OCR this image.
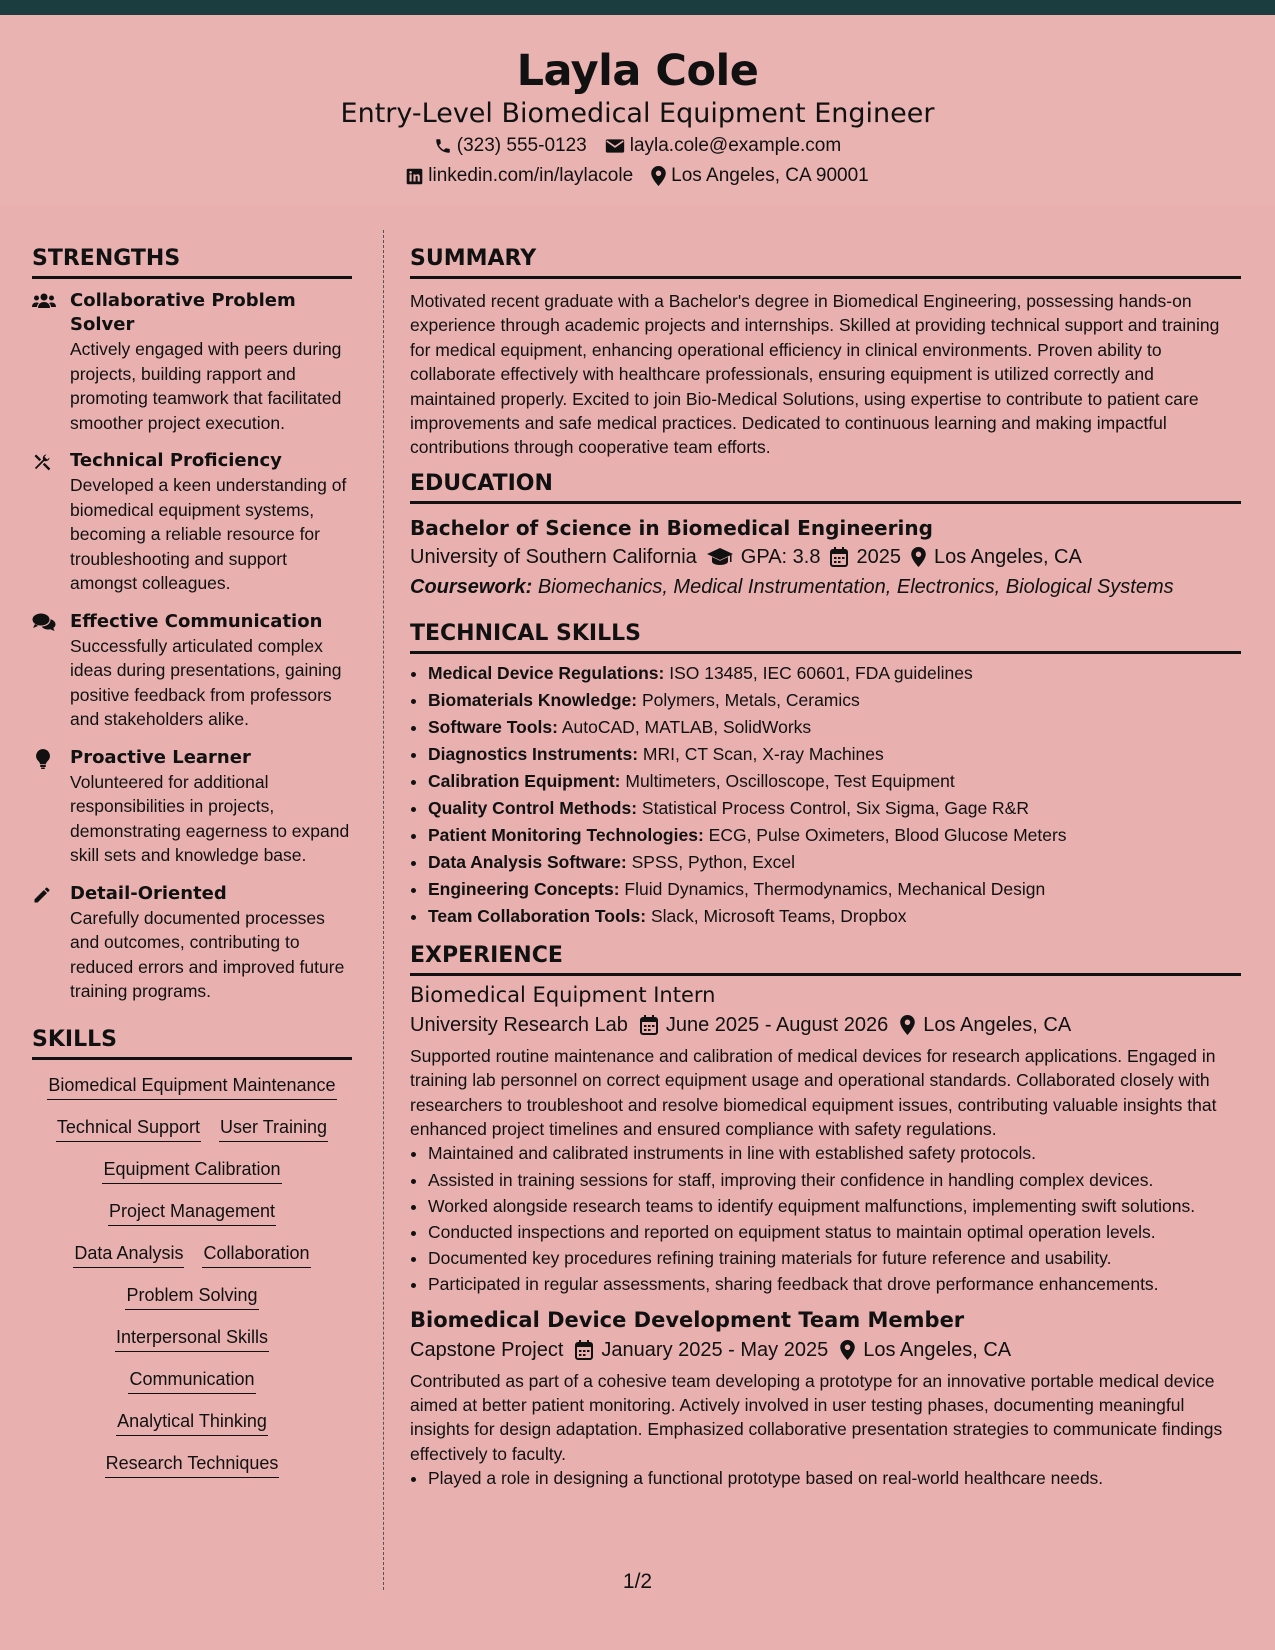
Layla Cole
Entry-Level Biomedical Equipment Engineer
(323) 555-0123 layla.cole@example.com
linkedin.com/in/laylacole Los Angeles, CA 90001
STRENGTHS
Collaborative Problem Solver
Actively engaged with peers during projects, building rapport and promoting teamwork that facilitated smoother project execution.
Technical Proficiency
Developed a keen understanding of biomedical equipment systems, becoming a reliable resource for troubleshooting and support amongst colleagues.
Effective Communication
Successfully articulated complex ideas during presentations, gaining positive feedback from professors and stakeholders alike.
Proactive Learner
Volunteered for additional responsibilities in projects, demonstrating eagerness to expand skill sets and knowledge base.
Detail-Oriented
Carefully documented processes and outcomes, contributing to reduced errors and improved future training programs.
SKILLS
Biomedical Equipment Maintenance
Technical Support User Training
Equipment Calibration
Project Management
Data Analysis Collaboration
Problem Solving
Interpersonal Skills
Communication
Analytical Thinking
Research Techniques
SUMMARY
Motivated recent graduate with a Bachelor's degree in Biomedical Engineering, possessing hands-on experience through academic projects and internships. Skilled at providing technical support and training for medical equipment, enhancing operational efficiency in clinical environments. Proven ability to collaborate effectively with healthcare professionals, ensuring equipment is utilized correctly and maintained properly. Excited to join Bio-Medical Solutions, using expertise to contribute to patient care improvements and safe medical practices. Dedicated to continuous learning and making impactful contributions through cooperative team efforts.
EDUCATION
Bachelor of Science in Biomedical Engineering
University of Southern California GPA: 3.8 2025 Los Angeles, CA
Coursework: Biomechanics, Medical Instrumentation, Electronics, Biological Systems
TECHNICAL SKILLS
• Medical Device Regulations: ISO 13485, IEC 60601, FDA guidelines
• Biomaterials Knowledge: Polymers, Metals, Ceramics
• Software Tools: AutoCAD, MATLAB, SolidWorks
• Diagnostics Instruments: MRI, CT Scan, X-ray Machines
• Calibration Equipment: Multimeters, Oscilloscope, Test Equipment
• Quality Control Methods: Statistical Process Control, Six Sigma, Gage R&R
• Patient Monitoring Technologies: ECG, Pulse Oximeters, Blood Glucose Meters
• Data Analysis Software: SPSS, Python, Excel
• Engineering Concepts: Fluid Dynamics, Thermodynamics, Mechanical Design
• Team Collaboration Tools: Slack, Microsoft Teams, Dropbox
EXPERIENCE
Biomedical Equipment Intern
University Research Lab June 2025 - August 2026 Los Angeles, CA
Supported routine maintenance and calibration of medical devices for research applications. Engaged in training lab personnel on correct equipment usage and operational standards. Collaborated closely with researchers to troubleshoot and resolve biomedical equipment issues, contributing valuable insights that enhanced project timelines and ensured compliance with safety regulations.
• Maintained and calibrated instruments in line with established safety protocols.
• Assisted in training sessions for staff, improving their confidence in handling complex devices.
• Worked alongside research teams to identify equipment malfunctions, implementing swift solutions.
• Conducted inspections and reported on equipment status to maintain optimal operation levels.
• Documented key procedures refining training materials for future reference and usability.
• Participated in regular assessments, sharing feedback that drove performance enhancements.
Biomedical Device Development Team Member
Capstone Project January 2025 - May 2025 Los Angeles, CA
Contributed as part of a cohesive team developing a prototype for an innovative portable medical device aimed at better patient monitoring. Actively involved in user testing phases, documenting meaningful insights for design adaptation. Emphasized collaborative presentation strategies to communicate findings effectively to faculty.
• Played a role in designing a functional prototype based on real-world healthcare needs.
1/2
